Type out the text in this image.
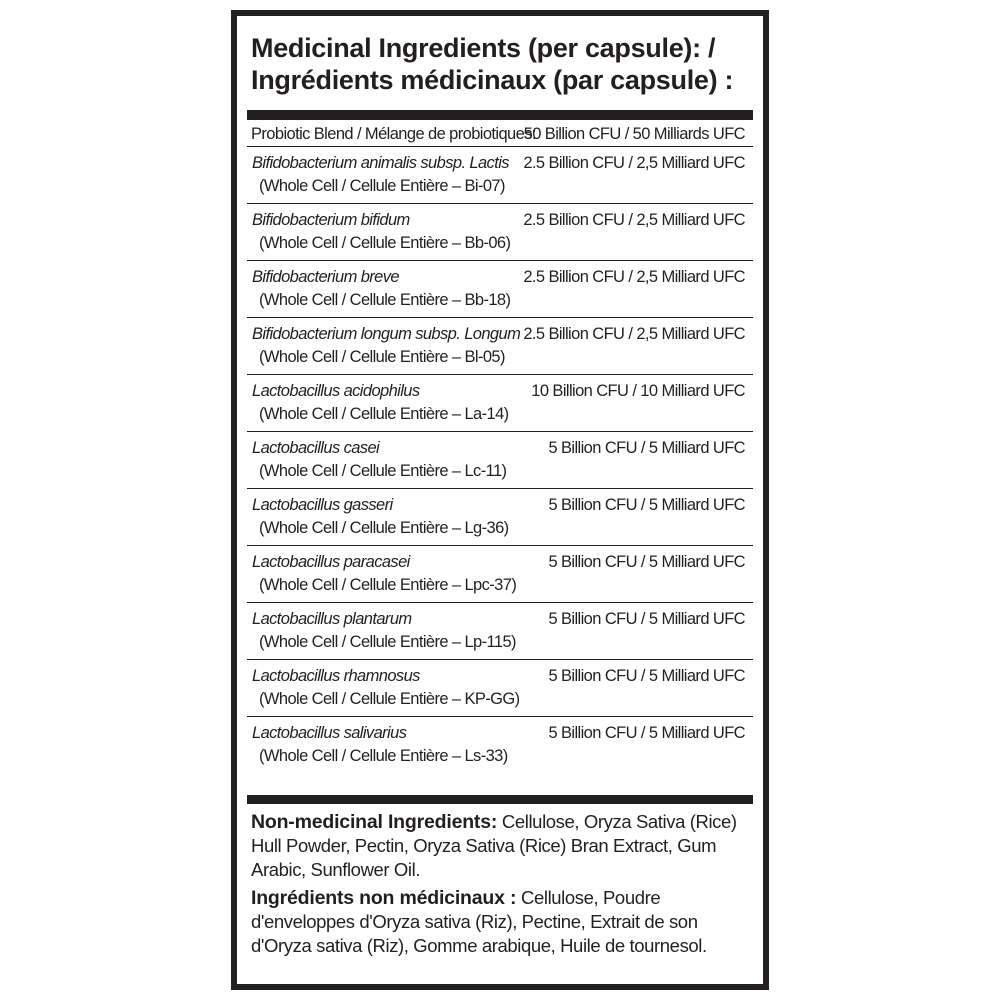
Medicinal Ingredients (per capsule): /
Ingrédients médicinaux (par capsule) :
Probiotic Blend / Mélange de probiotiques:
50 Billion CFU / 50 Milliards UFC
Bifidobacterium animalis subsp. Lactis
(Whole Cell / Cellule Entière – Bi-07)
2.5 Billion CFU / 2,5 Milliard UFC
Bifidobacterium bifidum
(Whole Cell / Cellule Entière – Bb-06)
2.5 Billion CFU / 2,5 Milliard UFC
Bifidobacterium breve
(Whole Cell / Cellule Entière – Bb-18)
2.5 Billion CFU / 2,5 Milliard UFC
Bifidobacterium longum subsp. Longum
(Whole Cell / Cellule Entière – Bl-05)
2.5 Billion CFU / 2,5 Milliard UFC
Lactobacillus acidophilus
(Whole Cell / Cellule Entière – La-14)
10 Billion CFU / 10 Milliard UFC
Lactobacillus casei
(Whole Cell / Cellule Entière – Lc-11)
5 Billion CFU / 5 Milliard UFC
Lactobacillus gasseri
(Whole Cell / Cellule Entière – Lg-36)
5 Billion CFU / 5 Milliard UFC
Lactobacillus paracasei
(Whole Cell / Cellule Entière – Lpc-37)
5 Billion CFU / 5 Milliard UFC
Lactobacillus plantarum
(Whole Cell / Cellule Entière – Lp-115)
5 Billion CFU / 5 Milliard UFC
Lactobacillus rhamnosus
(Whole Cell / Cellule Entière – KP-GG)
5 Billion CFU / 5 Milliard UFC
Lactobacillus salivarius
(Whole Cell / Cellule Entière – Ls-33)
5 Billion CFU / 5 Milliard UFC

Non-medicinal Ingredients: Cellulose, Oryza Sativa (Rice) Hull Powder, Pectin, Oryza Sativa (Rice) Bran Extract, Gum Arabic, Sunflower Oil.

Ingrédients non médicinaux : Cellulose, Poudre d'enveloppes d'Oryza sativa (Riz), Pectine, Extrait de son d'Oryza sativa (Riz), Gomme arabique, Huile de tournesol.
